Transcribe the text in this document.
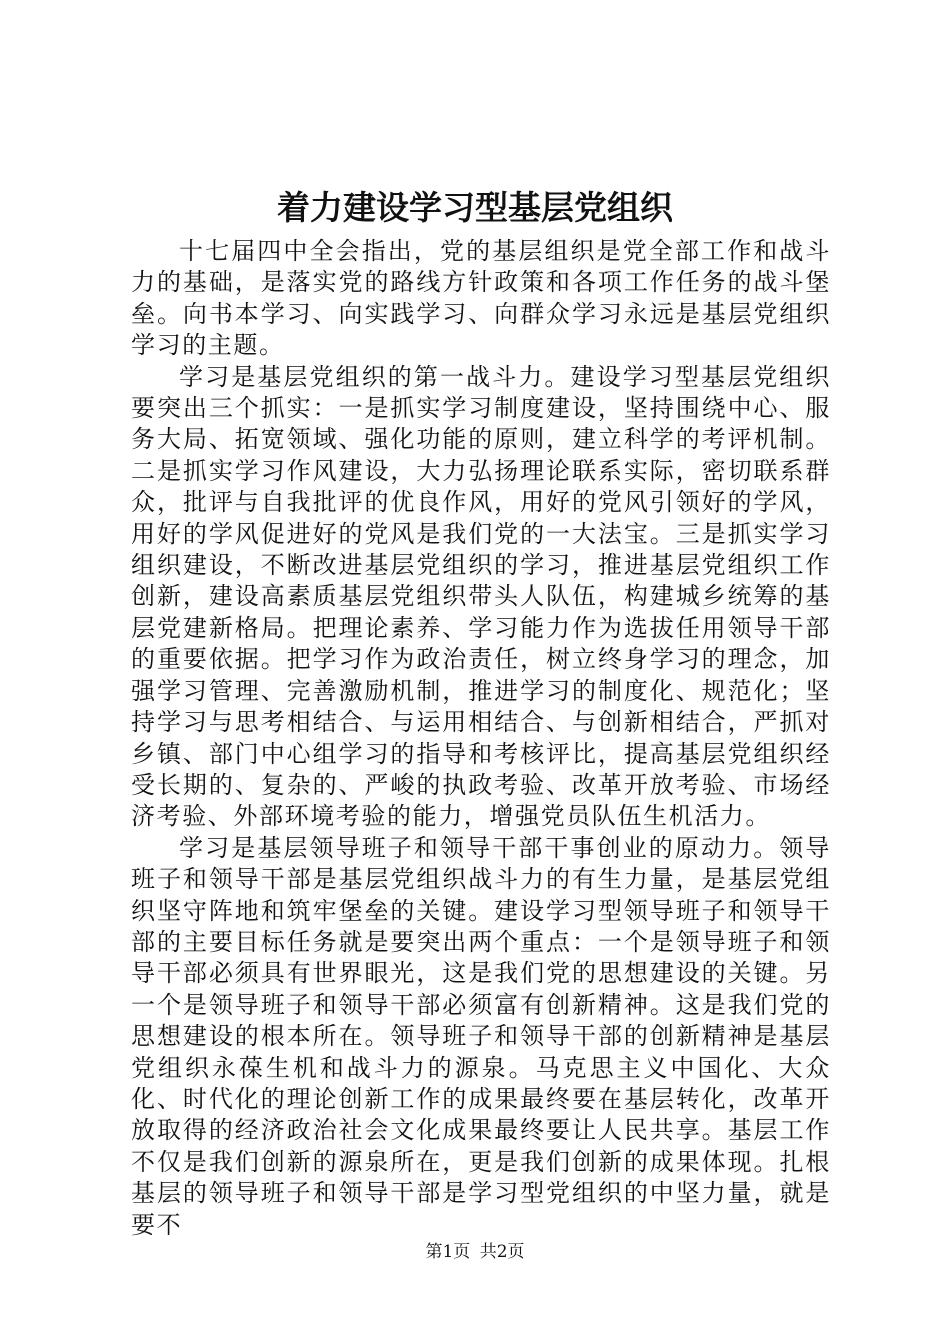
着力建设学习型基层党组织

十七届四中全会指出，党的基层组织是党全部工作和战斗力的基础，是落实党的路线方针政策和各项工作任务的战斗堡垒。向书本学习、向实践学习、向群众学习永远是基层党组织学习的主题。

学习是基层党组织的第一战斗力。建设学习型基层党组织要突出三个抓实：一是抓实学习制度建设，坚持围绕中心、服务大局、拓宽领域、强化功能的原则，建立科学的考评机制。二是抓实学习作风建设，大力弘扬理论联系实际，密切联系群众，批评与自我批评的优良作风，用好的党风引领好的学风，用好的学风促进好的党风是我们党的一大法宝。三是抓实学习组织建设，不断改进基层党组织的学习，推进基层党组织工作创新，建设高素质基层党组织带头人队伍，构建城乡统筹的基层党建新格局。把理论素养、学习能力作为选拔任用领导干部的重要依据。把学习作为政治责任，树立终身学习的理念，加强学习管理、完善激励机制，推进学习的制度化、规范化；坚持学习与思考相结合、与运用相结合、与创新相结合，严抓对乡镇、部门中心组学习的指导和考核评比，提高基层党组织经受长期的、复杂的、严峻的执政考验、改革开放考验、市场经济考验、外部环境考验的能力，增强党员队伍生机活力。

学习是基层领导班子和领导干部干事创业的原动力。领导班子和领导干部是基层党组织战斗力的有生力量，是基层党组织坚守阵地和筑牢堡垒的关键。建设学习型领导班子和领导干部的主要目标任务就是要突出两个重点：一个是领导班子和领导干部必须具有世界眼光，这是我们党的思想建设的关键。另一个是领导班子和领导干部必须富有创新精神。这是我们党的思想建设的根本所在。领导班子和领导干部的创新精神是基层党组织永葆生机和战斗力的源泉。马克思主义中国化、大众化、时代化的理论创新工作的成果最终要在基层转化，改革开放取得的经济政治社会文化成果最终要让人民共享。基层工作不仅是我们创新的源泉所在，更是我们创新的成果体现。扎根基层的领导班子和领导干部是学习型党组织的中坚力量，就是要不

第1页 共2页
